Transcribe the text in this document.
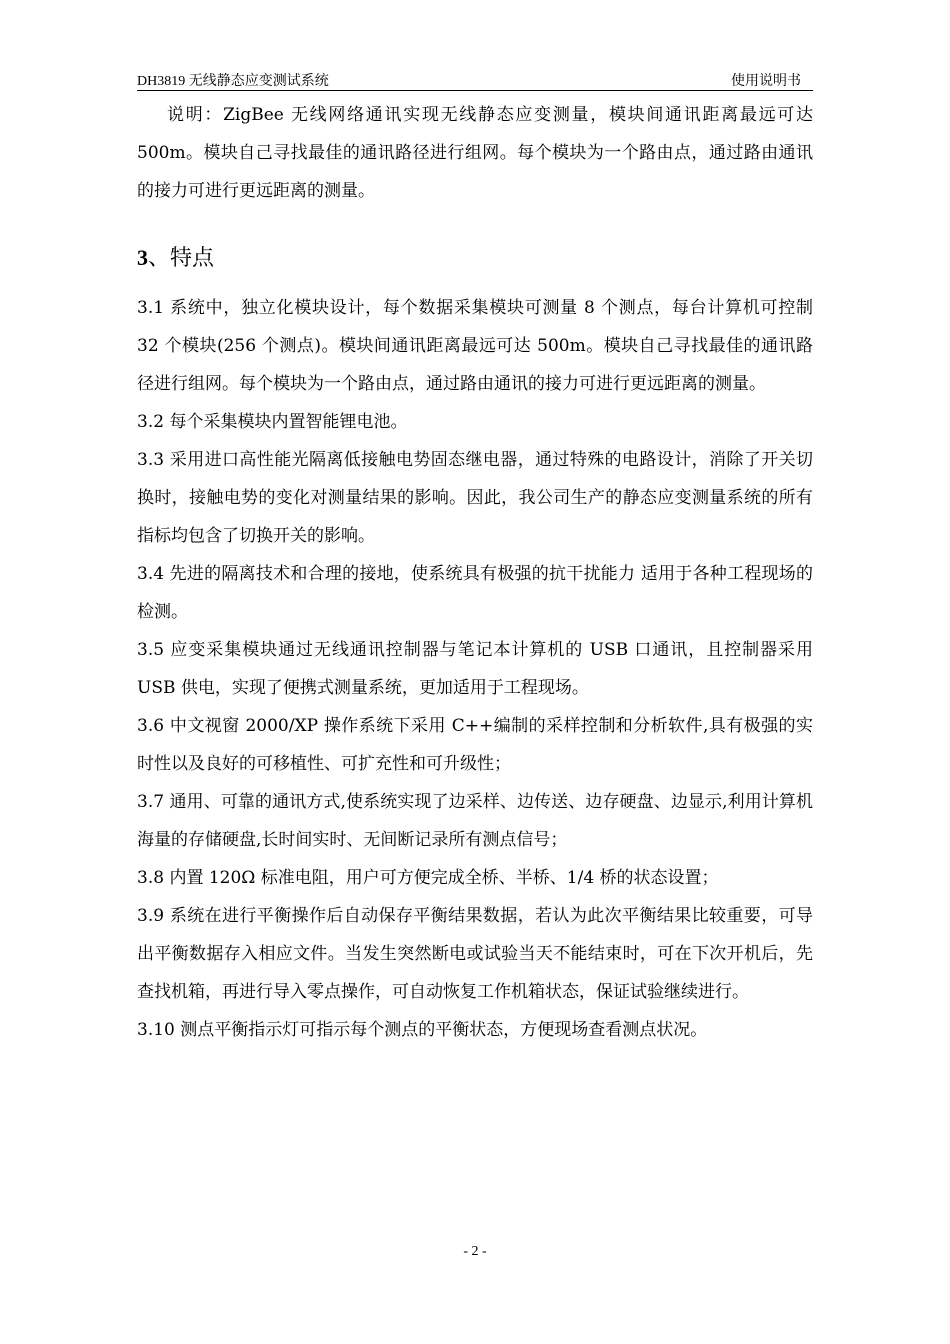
DH3819 无线静态应变测试系统	使用说明书

说明：ZigBee 无线网络通讯实现无线静态应变测量，模块间通讯距离最远可达 500m。模块自己寻找最佳的通讯路径进行组网。每个模块为一个路由点，通过路由通讯的接力可进行更远距离的测量。

3、特点

3.1 系统中，独立化模块设计，每个数据采集模块可测量 8 个测点，每台计算机可控制 32 个模块(256 个测点)。模块间通讯距离最远可达 500m。模块自己寻找最佳的通讯路径进行组网。每个模块为一个路由点，通过路由通讯的接力可进行更远距离的测量。

3.2 每个采集模块内置智能锂电池。

3.3 采用进口高性能光隔离低接触电势固态继电器，通过特殊的电路设计，消除了开关切换时，接触电势的变化对测量结果的影响。因此，我公司生产的静态应变测量系统的所有指标均包含了切换开关的影响。

3.4 先进的隔离技术和合理的接地，使系统具有极强的抗干扰能力 适用于各种工程现场的检测。

3.5 应变采集模块通过无线通讯控制器与笔记本计算机的 USB 口通讯，且控制器采用 USB 供电，实现了便携式测量系统，更加适用于工程现场。

3.6 中文视窗 2000/XP 操作系统下采用 C++编制的采样控制和分析软件,具有极强的实时性以及良好的可移植性、可扩充性和可升级性；

3.7 通用、可靠的通讯方式,使系统实现了边采样、边传送、边存硬盘、边显示,利用计算机海量的存储硬盘,长时间实时、无间断记录所有测点信号；

3.8 内置 120Ω 标准电阻，用户可方便完成全桥、半桥、1/4 桥的状态设置；

3.9 系统在进行平衡操作后自动保存平衡结果数据，若认为此次平衡结果比较重要，可导出平衡数据存入相应文件。当发生突然断电或试验当天不能结束时，可在下次开机后，先查找机箱，再进行导入零点操作，可自动恢复工作机箱状态，保证试验继续进行。

3.10 测点平衡指示灯可指示每个测点的平衡状态，方便现场查看测点状况。

- 2 -
